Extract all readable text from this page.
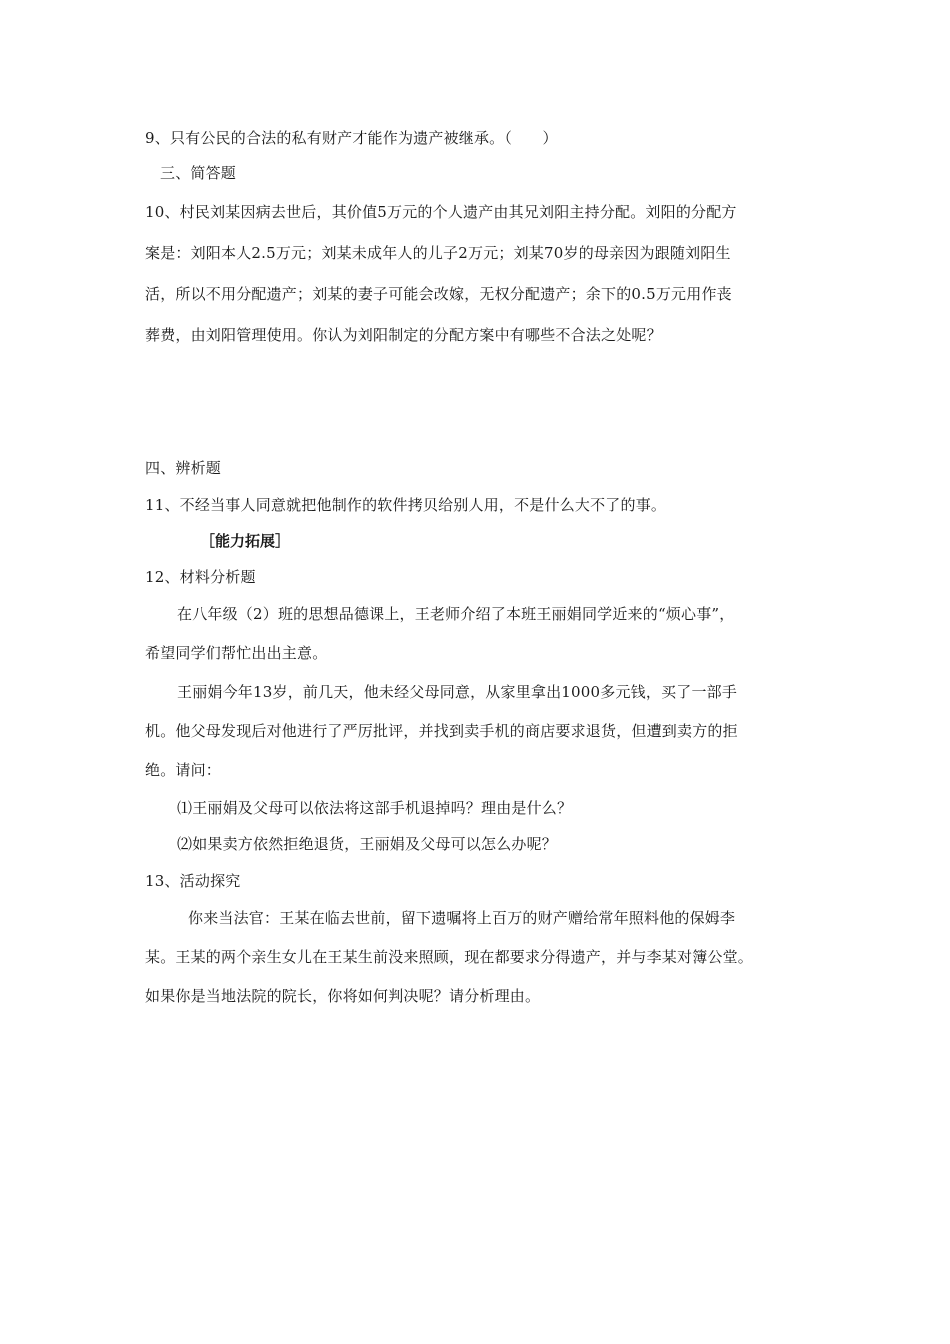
9、只有公民的合法的私有财产才能作为遗产被继承。（　　）
三、简答题
10、村民刘某因病去世后，其价值5万元的个人遗产由其兄刘阳主持分配。刘阳的分配方
案是：刘阳本人2.5万元；刘某未成年人的儿子2万元；刘某70岁的母亲因为跟随刘阳生
活，所以不用分配遗产；刘某的妻子可能会改嫁，无权分配遗产；余下的0.5万元用作丧
葬费，由刘阳管理使用。你认为刘阳制定的分配方案中有哪些不合法之处呢？
四、辨析题
11、不经当事人同意就把他制作的软件拷贝给别人用，不是什么大不了的事。
［能力拓展］
12、材料分析题
在八年级（2）班的思想品德课上，王老师介绍了本班王丽娟同学近来的“烦心事”，
希望同学们帮忙出出主意。
王丽娟今年13岁，前几天，他未经父母同意，从家里拿出1000多元钱，买了一部手
机。他父母发现后对他进行了严厉批评，并找到卖手机的商店要求退货，但遭到卖方的拒
绝。请问：
⑴王丽娟及父母可以依法将这部手机退掉吗？理由是什么？
⑵如果卖方依然拒绝退货，王丽娟及父母可以怎么办呢？
13、活动探究
你来当法官：王某在临去世前，留下遗嘱将上百万的财产赠给常年照料他的保姆李
某。王某的两个亲生女儿在王某生前没来照顾，现在都要求分得遗产，并与李某对簿公堂。
如果你是当地法院的院长，你将如何判决呢？请分析理由。
